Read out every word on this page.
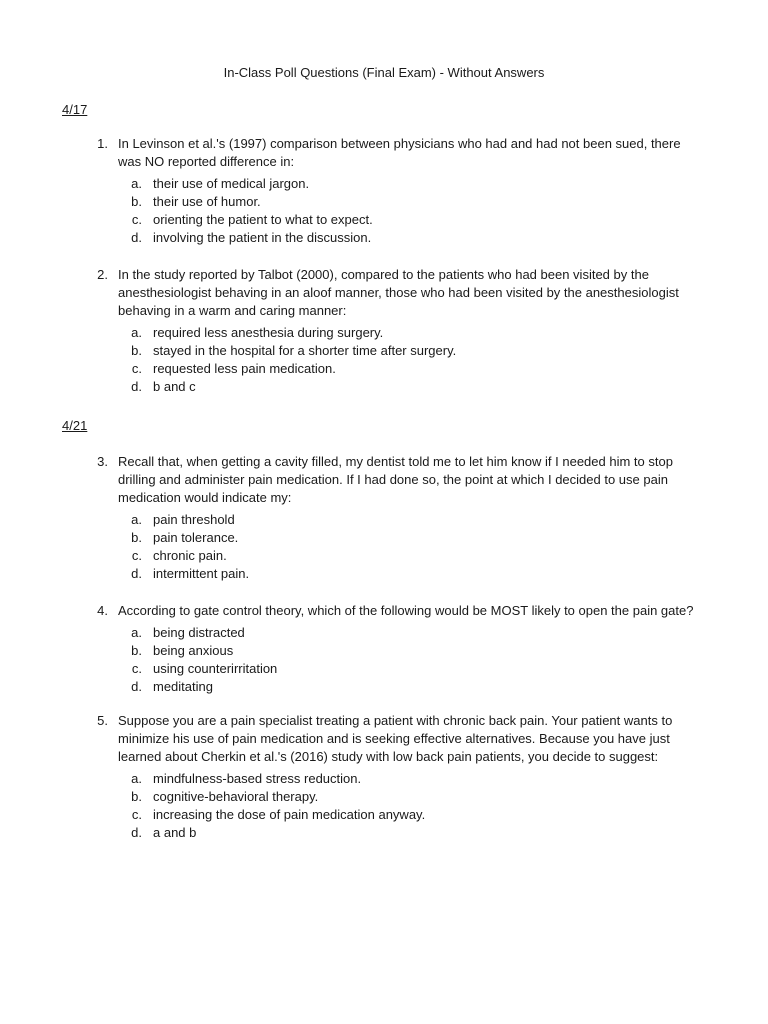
In-Class Poll Questions (Final Exam) - Without Answers
4/17
1. In Levinson et al.'s (1997) comparison between physicians who had and had not been sued, there was NO reported difference in:
a. their use of medical jargon.
b. their use of humor.
c. orienting the patient to what to expect.
d. involving the patient in the discussion.
2. In the study reported by Talbot (2000), compared to the patients who had been visited by the anesthesiologist behaving in an aloof manner, those who had been visited by the anesthesiologist behaving in a warm and caring manner:
a. required less anesthesia during surgery.
b. stayed in the hospital for a shorter time after surgery.
c. requested less pain medication.
d. b and c
4/21
3. Recall that, when getting a cavity filled, my dentist told me to let him know if I needed him to stop drilling and administer pain medication. If I had done so, the point at which I decided to use pain medication would indicate my:
a. pain threshold
b. pain tolerance.
c. chronic pain.
d. intermittent pain.
4. According to gate control theory, which of the following would be MOST likely to open the pain gate?
a. being distracted
b. being anxious
c. using counterirritation
d. meditating
5. Suppose you are a pain specialist treating a patient with chronic back pain. Your patient wants to minimize his use of pain medication and is seeking effective alternatives. Because you have just learned about Cherkin et al.'s (2016) study with low back pain patients, you decide to suggest:
a. mindfulness-based stress reduction.
b. cognitive-behavioral therapy.
c. increasing the dose of pain medication anyway.
d. a and b
